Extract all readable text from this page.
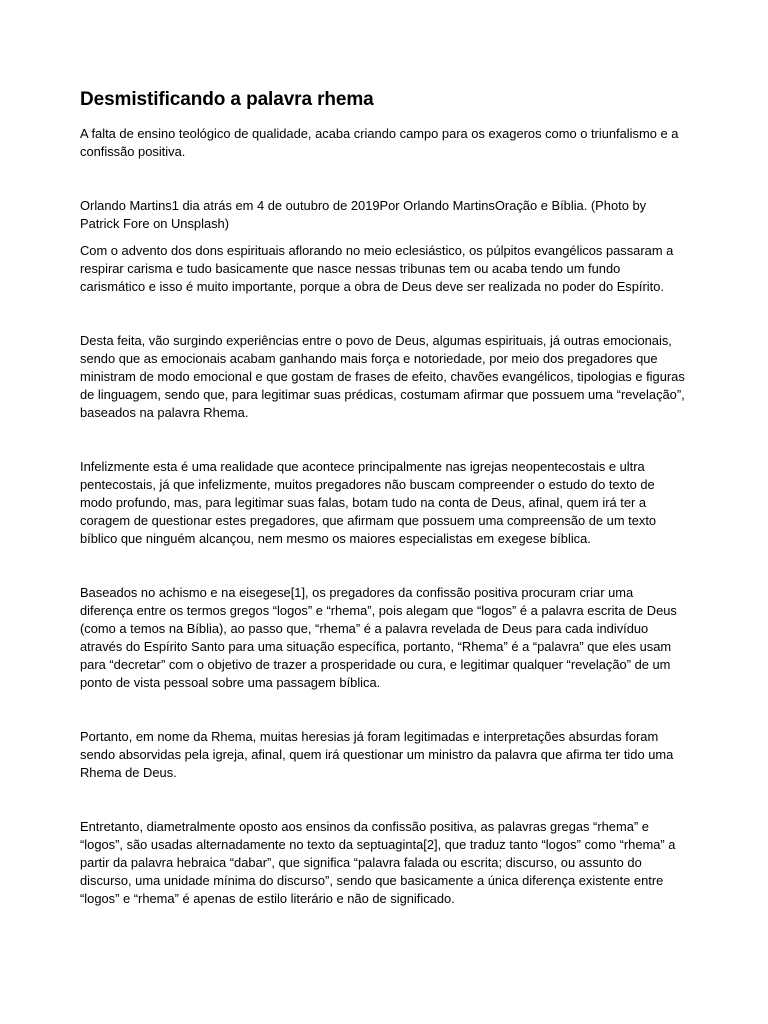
Desmistificando a palavra rhema

A falta de ensino teológico de qualidade, acaba criando campo para os exageros como o triunfalismo e a confissão positiva.

Orlando Martins1 dia atrás em 4 de outubro de 2019Por Orlando MartinsOração e Bíblia. (Photo by Patrick Fore on Unsplash)

Com o advento dos dons espirituais aflorando no meio eclesiástico, os púlpitos evangélicos passaram a respirar carisma e tudo basicamente que nasce nessas tribunas tem ou acaba tendo um fundo carismático e isso é muito importante, porque a obra de Deus deve ser realizada no poder do Espírito.

Desta feita, vão surgindo experiências entre o povo de Deus, algumas espirituais, já outras emocionais, sendo que as emocionais acabam ganhando mais força e notoriedade, por meio dos pregadores que ministram de modo emocional e que gostam de frases de efeito, chavões evangélicos, tipologias e figuras de linguagem, sendo que, para legitimar suas prédicas, costumam afirmar que possuem uma “revelação”, baseados na palavra Rhema.

Infelizmente esta é uma realidade que acontece principalmente nas igrejas neopentecostais e ultra pentecostais, já que infelizmente, muitos pregadores não buscam compreender o estudo do texto de modo profundo, mas, para legitimar suas falas, botam tudo na conta de Deus, afinal, quem irá ter a coragem de questionar estes pregadores, que afirmam que possuem uma compreensão de um texto bíblico que ninguém alcançou, nem mesmo os maiores especialistas em exegese bíblica.

Baseados no achismo e na eisegese[1], os pregadores da confissão positiva procuram criar uma diferença entre os termos gregos “logos” e “rhema”, pois alegam que “logos” é a palavra escrita de Deus (como a temos na Bíblia), ao passo que, “rhema” é a palavra revelada de Deus para cada indivíduo através do Espírito Santo para uma situação específica, portanto, “Rhema” é a “palavra” que eles usam para “decretar” com o objetivo de trazer a prosperidade ou cura, e legitimar qualquer “revelação” de um ponto de vista pessoal sobre uma passagem bíblica.

Portanto, em nome da Rhema, muitas heresias já foram legitimadas e interpretações absurdas foram sendo absorvidas pela igreja, afinal, quem irá questionar um ministro da palavra que afirma ter tido uma Rhema de Deus.

Entretanto, diametralmente oposto aos ensinos da confissão positiva, as palavras gregas “rhema” e “logos”, são usadas alternadamente no texto da septuaginta[2], que traduz tanto “logos” como “rhema” a partir da palavra hebraica “dabar”, que significa “palavra falada ou escrita; discurso, ou assunto do discurso, uma unidade mínima do discurso”, sendo que basicamente a única diferença existente entre “logos” e “rhema” é apenas de estilo literário e não de significado.
